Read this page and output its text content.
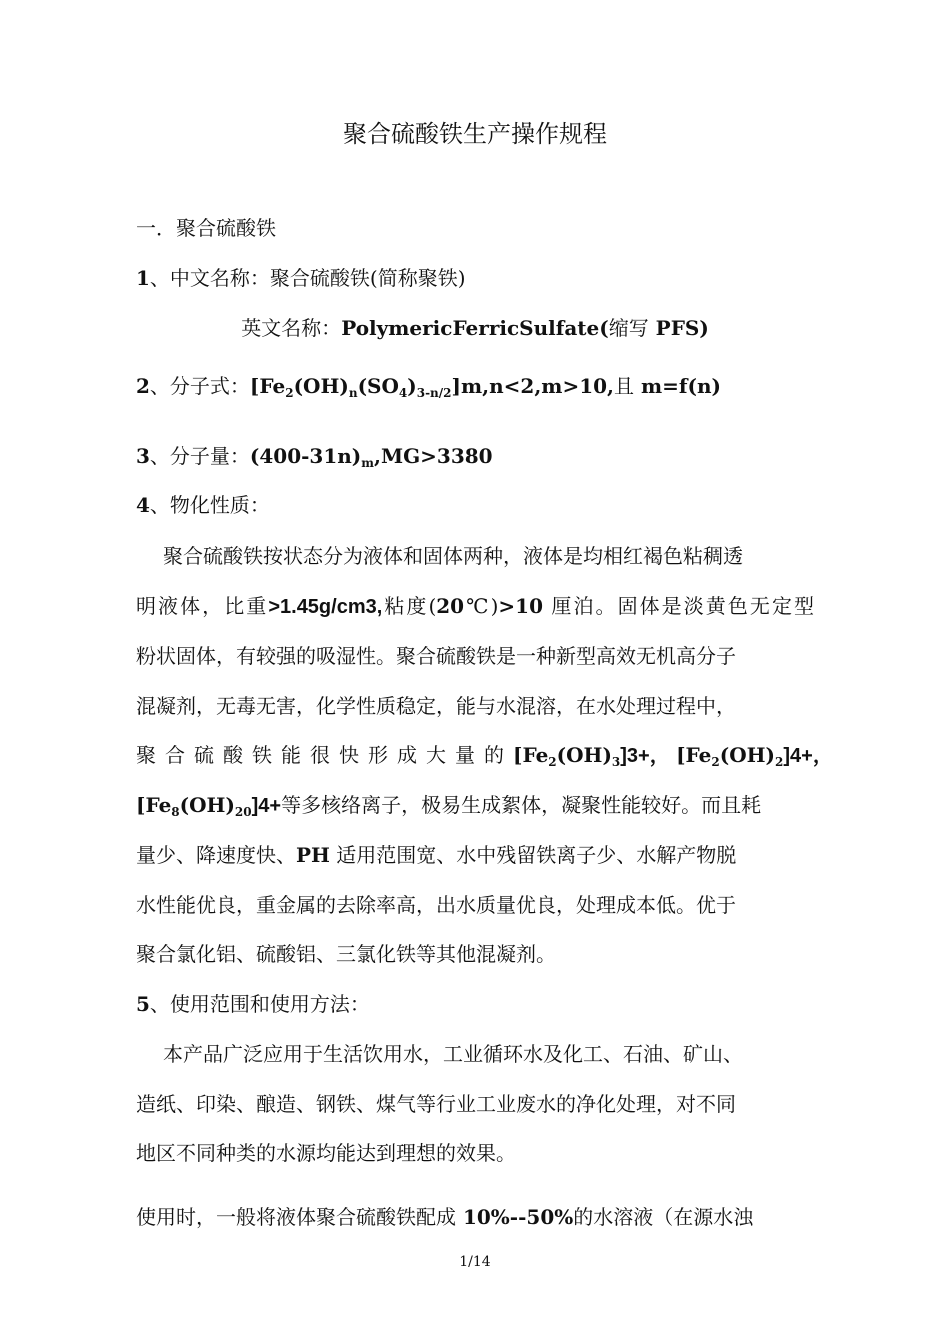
聚合硫酸铁生产操作规程
一．聚合硫酸铁
1、中文名称：聚合硫酸铁(简称聚铁)
英文名称：PolymericFerricSulfate(缩写 PFS)
2、分子式：$[Fe_2(OH)_n(SO_4)_{3-n/2}]m,n<2,m>10$,且 m=f(n)
3、分子量：$(400-31n)_m,MG>3380$
4、物化性质：
聚合硫酸铁按状态分为液体和固体两种，液体是均相红褐色粘稠透
明液体，比重>1.45g/cm3,粘度(20℃)>10 厘泊。固体是淡黄色无定型
粉状固体，有较强的吸湿性。聚合硫酸铁是一种新型高效无机高分子
混凝剂，无毒无害，化学性质稳定，能与水混溶，在水处理过程中，
聚合硫酸铁能很快形成大量的$[Fe_2(OH)_3]3+$， $[Fe_2(OH)_2]4+$，
$[Fe_8(OH)_{20}]4+$等多核络离子，极易生成絮体，凝聚性能较好。而且耗
量少、降速度快、PH 适用范围宽、水中残留铁离子少、水解产物脱
水性能优良，重金属的去除率高，出水质量优良，处理成本低。优于
聚合氯化铝、硫酸铝、三氯化铁等其他混凝剂。
5、使用范围和使用方法：
本产品广泛应用于生活饮用水，工业循环水及化工、石油、矿山、
造纸、印染、酿造、钢铁、煤气等行业工业废水的净化处理，对不同
地区不同种类的水源均能达到理想的效果。
使用时，一般将液体聚合硫酸铁配成 10%--50%的水溶液（在源水浊
1/14
